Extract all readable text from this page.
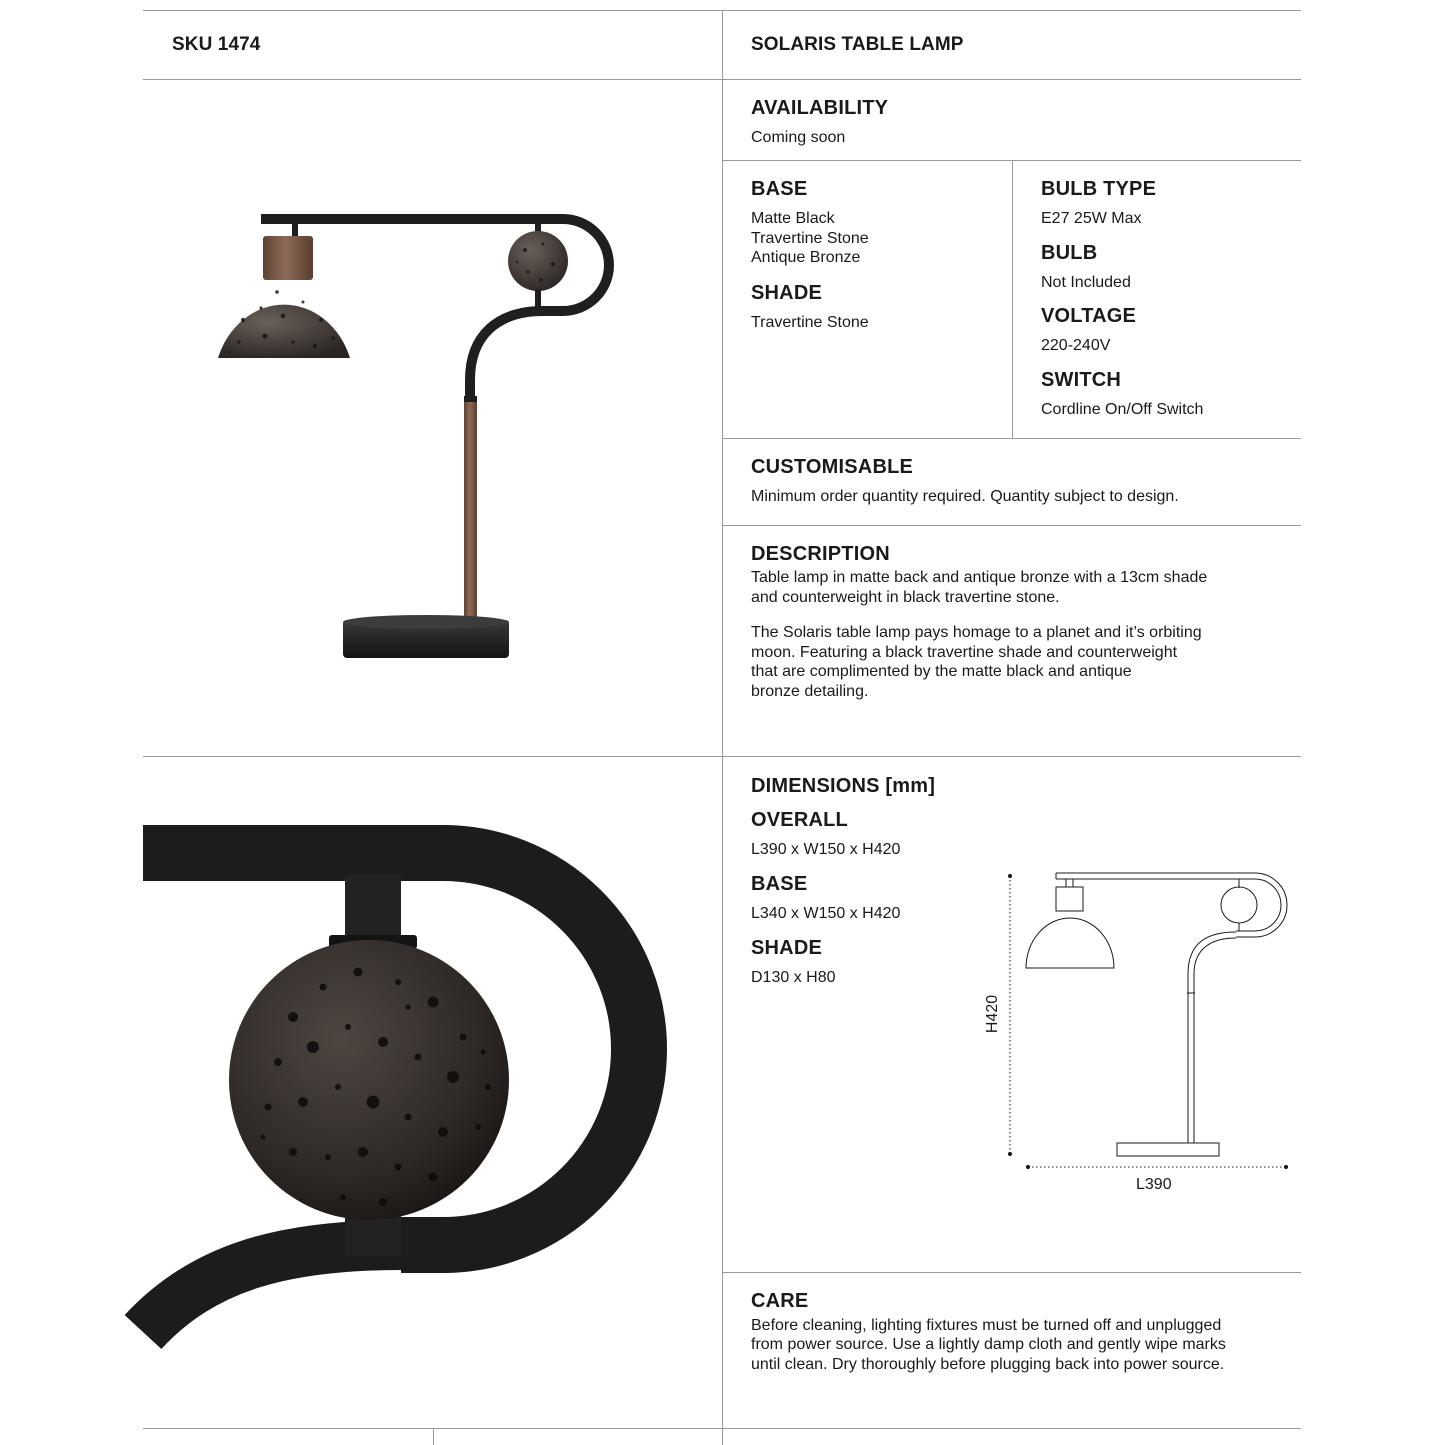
SKU 1474	SOLARIS TABLE LAMP
AVAILABILITY
Coming soon
BASE
Matte Black
Travertine Stone
Antique Bronze
SHADE
Travertine Stone
BULB TYPE
E27 25W Max
BULB
Not Included
VOLTAGE
220-240V
SWITCH
Cordline On/Off Switch
CUSTOMISABLE
Minimum order quantity required. Quantity subject to design.
DESCRIPTION
Table lamp in matte back and antique bronze with a 13cm shade
and counterweight in black travertine stone.
The Solaris table lamp pays homage to a planet and it’s orbiting
moon. Featuring a black travertine shade and counterweight
that are complimented by the matte black and antique
bronze detailing.
DIMENSIONS [mm]
OVERALL
L390 x W150 x H420
BASE
L340 x W150 x H420
SHADE
D130 x H80
H420
L390
CARE
Before cleaning, lighting fixtures must be turned off and unplugged
from power source. Use a lightly damp cloth and gently wipe marks
until clean. Dry thoroughly before plugging back into power source.
